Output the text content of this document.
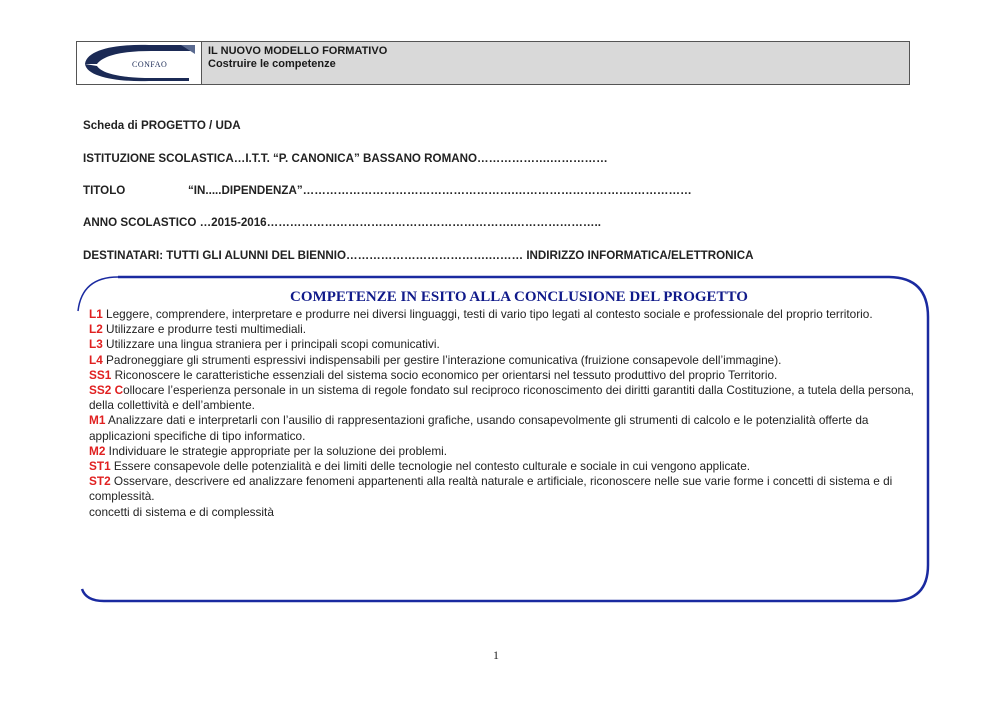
CONFAO
IL NUOVO MODELLO FORMATIVO
Costruire le competenze
Scheda di PROGETTO / UDA
ISTITUZIONE SCOLASTICA…I.T.T. “P. CANONICA” BASSANO ROMANO……………….……………
TITOLO	“IN.....DIPENDENZA”……………………………………………….………………………….……………
ANNO SCOLASTICO …2015-2016……………………………………………………….…………………..
DESTINATARI: TUTTI GLI ALUNNI DEL BIENNIO……………………………….……… INDIRIZZO INFORMATICA/ELETTRONICA
COMPETENZE IN ESITO ALLA CONCLUSIONE DEL PROGETTO
L1 Leggere, comprendere, interpretare e produrre nei diversi linguaggi, testi di vario tipo legati al contesto sociale e professionale del proprio territorio.
L2 Utilizzare e produrre testi multimediali.
L3 Utilizzare una lingua straniera per i principali scopi comunicativi.
L4 Padroneggiare gli strumenti espressivi indispensabili per gestire l’interazione comunicativa (fruizione consapevole dell’immagine).
SS1 Riconoscere le caratteristiche essenziali del sistema socio economico per orientarsi nel tessuto produttivo del proprio Territorio.
SS2 Collocare l’esperienza personale in un sistema di regole fondato sul reciproco riconoscimento dei diritti garantiti dalla Costituzione, a tutela della persona, della collettività e dell’ambiente.
M1 Analizzare dati e interpretarli con l’ausilio di rappresentazioni grafiche, usando consapevolmente gli strumenti di calcolo e le potenzialità offerte da applicazioni specifiche di tipo informatico.
M2 Individuare le strategie appropriate per la soluzione dei problemi.
ST1 Essere consapevole delle potenzialità e dei limiti delle tecnologie nel contesto culturale e sociale in cui vengono applicate.
ST2 Osservare, descrivere ed analizzare fenomeni appartenenti alla realtà naturale e artificiale, riconoscere nelle sue varie forme i concetti di sistema e di complessità.
concetti di sistema e di complessità
1
